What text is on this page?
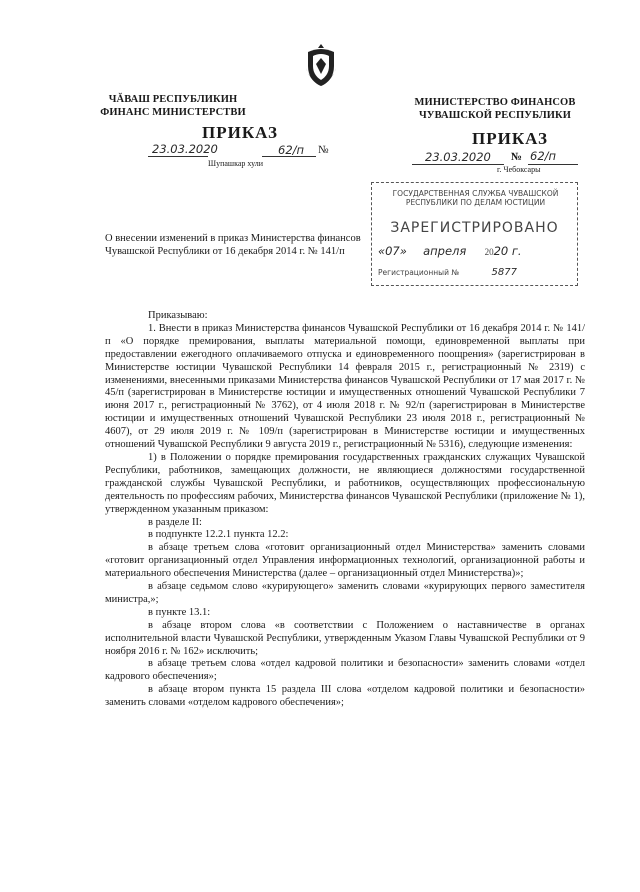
ЧĂВАШ РЕСПУБЛИКИН
ФИНАНС МИНИСТЕРСТВИ
МИНИСТЕРСТВО ФИНАНСОВ
ЧУВАШСКОЙ РЕСПУБЛИКИ
ПРИКАЗ	ПРИКАЗ
23.03.2020	62/п №
Шупашкар хули	23.03.2020 № 62/п
г. Чебоксары
ГОСУДАРСТВЕННАЯ СЛУЖБА ЧУВАШСКОЙ
РЕСПУБЛИКИ ПО ДЕЛАМ ЮСТИЦИИ
ЗАРЕГИСТРИРОВАНО
«07» апреля 2020 г.
Регистрационный №	5877
О внесении изменений в приказ Министерства финансов Чувашской Республики от 16 декабря 2014 г. № 141/п

Приказываю:

1. Внести в приказ Министерства финансов Чувашской Республики от 16 декабря 2014 г. № 141/п «О порядке премирования, выплаты материальной помощи, единовременной выплаты при предоставлении ежегодного оплачиваемого отпуска и единовременного поощрения» (зарегистрирован в Министерстве юстиции Чувашской Республики 14 февраля 2015 г., регистрационный № 2319) с изменениями, внесенными приказами Министерства финансов Чувашской Республики от 17 мая 2017 г. № 45/п (зарегистрирован в Министерстве юстиции и имущественных отношений Чувашской Республики 7 июня 2017 г., регистрационный № 3762), от 4 июля 2018 г. № 92/п (зарегистрирован в Министерстве юстиции и имущественных отношений Чувашской Республики 23 июля 2018 г., регистрационный № 4607), от 29 июля 2019 г. № 109/п (зарегистрирован в Министерстве юстиции и имущественных отношений Чувашской Республики 9 августа 2019 г., регистрационный № 5316), следующие изменения:

1) в Положении о порядке премирования государственных гражданских служащих Чувашской Республики, работников, замещающих должности, не являющиеся должностями государственной гражданской службы Чувашской Республики, и работников, осуществляющих профессиональную деятельность по профессиям рабочих, Министерства финансов Чувашской Республики (приложение № 1), утвержденном указанным приказом:

в разделе II:

в подпункте 12.2.1 пункта 12.2:

в абзаце третьем слова «готовит организационный отдел Министерства» заменить словами «готовит организационный отдел Управления информационных технологий, организационной работы и материального обеспечения Министерства (далее – организационный отдел Министерства)»;

в абзаце седьмом слово «курирующего» заменить словами «курирующих первого заместителя министра,»;

в пункте 13.1:

в абзаце втором слова «в соответствии с Положением о наставничестве в органах исполнительной власти Чувашской Республики, утвержденным Указом Главы Чувашской Республики от 9 ноября 2016 г. № 162» исключить;

в абзаце третьем слова «отдел кадровой политики и безопасности» заменить словами «отдел кадрового обеспечения»;

в абзаце втором пункта 15 раздела III слова «отделом кадровой политики и безопасности» заменить словами «отделом кадрового обеспечения»;
